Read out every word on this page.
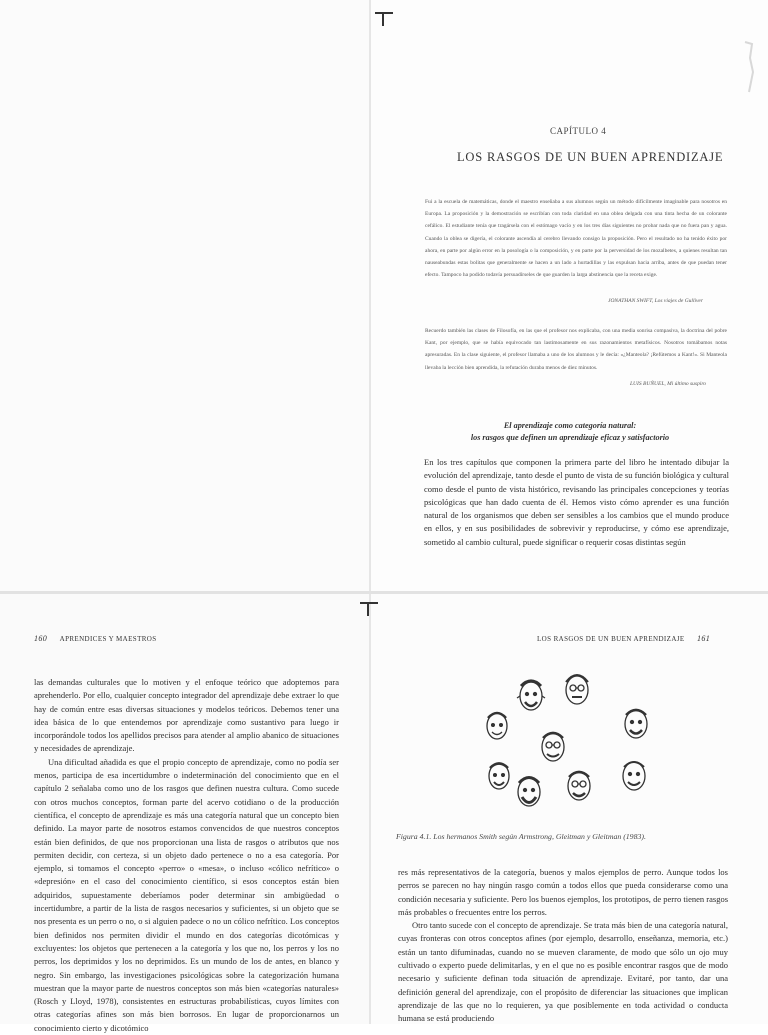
CAPÍTULO 4
LOS RASGOS DE UN BUEN APRENDIZAJE
Fui a la escuela de matemáticas, donde el maestro enseñaba a sus alumnos según un método difícilmente imaginable para nosotros en Europa. La proposición y la demostración se escribían con toda claridad en una oblea delgada con una tinta hecha de un colorante cefálico. El estudiante tenía que tragársela con el estómago vacío y en los tres días siguientes no probar nada que no fuera pan y agua. Cuando la oblea se digería, el colorante ascendía al cerebro llevando consigo la proposición. Pero el resultado no ha tenido éxito por ahora, en parte por algún error en la posología o la composición, y en parte por la perversidad de los mozalbetes, a quienes resultan tan nauseabundas estas bolitas que generalmente se hacen a un lado a hurtadillas y las expulsan hacia arriba, antes de que puedan tener efecto. Tampoco ha podido todavía persuadírseles de que guarden la larga abstinencia que la receta exige.
JONATHAN SWIFT, Los viajes de Gulliver
Recuerdo también las clases de Filosofía, en las que el profesor nos explicaba, con una media sonrisa compasiva, la doctrina del pobre Kant, por ejemplo, que se había equivocado tan lastimosamente en sus razonamientos metafísicos. Nosotros tomábamos notas apresuradas. En la clase siguiente, el profesor llamaba a uno de los alumnos y le decía: «¿Manteola? ¡Refútemos a Kant!». Si Manteola llevaba la lección bien aprendida, la refutación duraba menos de diez minutos.
LUIS BUÑUEL, Mi último suspiro
El aprendizaje como categoría natural:
los rasgos que definen un aprendizaje eficaz y satisfactorio
En los tres capítulos que componen la primera parte del libro he intentado dibujar la evolución del aprendizaje, tanto desde el punto de vista de su función biológica y cultural como desde el punto de vista histórico, revisando las principales concepciones y teorías psicológicas que han dado cuenta de él. Hemos visto cómo aprender es una función natural de los organismos que deben ser sensibles a los cambios que el mundo produce en ellos, y en sus posibilidades de sobrevivir y reproducirse, y cómo ese aprendizaje, sometido al cambio cultural, puede significar o requerir cosas distintas según
160 APRENDICES Y MAESTROS
las demandas culturales que lo motiven y el enfoque teórico que adoptemos para aprehenderlo. Por ello, cualquier concepto integrador del aprendizaje debe extraer lo que hay de común entre esas diversas situaciones y modelos teóricos. Debemos tener una idea básica de lo que entendemos por aprendizaje como sustantivo para luego ir incorporándole todos los apellidos precisos para atender al amplio abanico de situaciones y necesidades de aprendizaje.
Una dificultad añadida es que el propio concepto de aprendizaje, como no podía ser menos, participa de esa incertidumbre o indeterminación del conocimiento que en el capítulo 2 señalaba como uno de los rasgos que definen nuestra cultura. Como sucede con otros muchos conceptos, forman parte del acervo cotidiano o de la producción científica, el concepto de aprendizaje es más una categoría natural que un concepto bien definido. La mayor parte de nosotros estamos convencidos de que nuestros conceptos están bien definidos, de que nos proporcionan una lista de rasgos o atributos que nos permiten decidir, con certeza, si un objeto dado pertenece o no a esa categoría. Por ejemplo, si tomamos el concepto «perro» o «mesa», o incluso «cólico nefrítico» o «depresión» en el caso del conocimiento científico, si esos conceptos están bien adquiridos, supuestamente deberíamos poder determinar sin ambigüedad o incertidumbre, a partir de la lista de rasgos necesarios y suficientes, si un objeto que se nos presenta es un perro o no, o si alguien padece o no un cólico nefrítico. Los conceptos bien definidos nos permiten dividir el mundo en dos categorías dicotómicas y excluyentes: los objetos que pertenecen a la categoría y los que no, los perros y los no perros, los deprimidos y los no deprimidos. Es un mundo de los de antes, en blanco y negro. Sin embargo, las investigaciones psicológicas sobre la categorización humana muestran que la mayor parte de nuestros conceptos son más bien «categorías naturales» (Rosch y Lloyd, 1978), consistentes en estructuras probabilísticas, cuyos límites con otras categorías afines son más bien borrosos. En lugar de proporcionarnos un conocimiento cierto y dicotómico
LOS RASGOS DE UN BUEN APRENDIZAJE 161
Figura 4.1. Los hermanos Smith según Armstrong, Gleitman y Gleitman (1983).
res más representativos de la categoría, buenos y malos ejemplos de perro. Aunque todos los perros se parecen no hay ningún rasgo común a todos ellos que pueda considerarse como una condición necesaria y suficiente. Pero los buenos ejemplos, los prototipos, de perro tienen rasgos más probables o frecuentes entre los perros.
Otro tanto sucede con el concepto de aprendizaje. Se trata más bien de una categoría natural, cuyas fronteras con otros conceptos afines (por ejemplo, desarrollo, enseñanza, memoria, etc.) están un tanto difuminadas, cuando no se mueven claramente, de modo que sólo un ojo muy cultivado o experto puede delimitarlas, y en el que no es posible encontrar rasgos que de modo necesario y suficiente definan toda situación de aprendizaje. Evitaré, por tanto, dar una definición general del aprendizaje, con el propósito de diferenciar las situaciones que implican aprendizaje de las que no lo requieren, ya que posiblemente en toda actividad o conducta humana se está produciendo
